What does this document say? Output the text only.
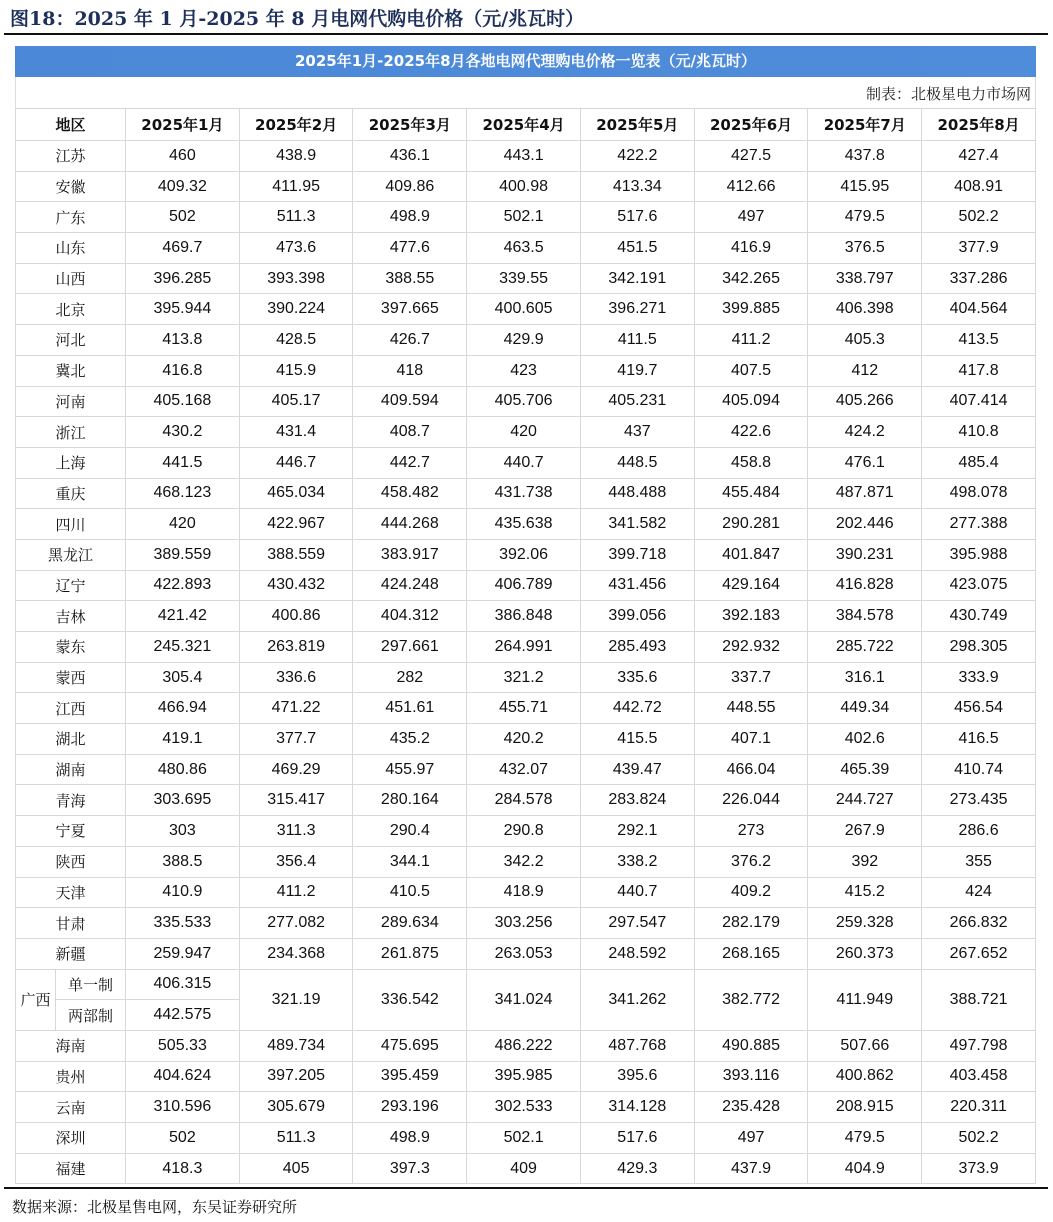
图18：2025 年 1 月-2025 年 8 月电网代购电价格（元/兆瓦时）
2025年1月-2025年8月各地电网代理购电价格一览表（元/兆瓦时）
制表：北极星电力市场网
地区		2025年1月	2025年2月	2025年3月	2025年4月	2025年5月	2025年6月	2025年7月	2025年8月
江苏		460	438.9	436.1	443.1	422.2	427.5	437.8	427.4
安徽		409.32	411.95	409.86	400.98	413.34	412.66	415.95	408.91
广东		502	511.3	498.9	502.1	517.6	497	479.5	502.2
山东		469.7	473.6	477.6	463.5	451.5	416.9	376.5	377.9
山西		396.285	393.398	388.55	339.55	342.191	342.265	338.797	337.286
北京		395.944	390.224	397.665	400.605	396.271	399.885	406.398	404.564
河北		413.8	428.5	426.7	429.9	411.5	411.2	405.3	413.5
冀北		416.8	415.9	418	423	419.7	407.5	412	417.8
河南		405.168	405.17	409.594	405.706	405.231	405.094	405.266	407.414
浙江		430.2	431.4	408.7	420	437	422.6	424.2	410.8
上海		441.5	446.7	442.7	440.7	448.5	458.8	476.1	485.4
重庆		468.123	465.034	458.482	431.738	448.488	455.484	487.871	498.078
四川		420	422.967	444.268	435.638	341.582	290.281	202.446	277.388
黑龙江		389.559	388.559	383.917	392.06	399.718	401.847	390.231	395.988
辽宁		422.893	430.432	424.248	406.789	431.456	429.164	416.828	423.075
吉林		421.42	400.86	404.312	386.848	399.056	392.183	384.578	430.749
蒙东		245.321	263.819	297.661	264.991	285.493	292.932	285.722	298.305
蒙西		305.4	336.6	282	321.2	335.6	337.7	316.1	333.9
江西		466.94	471.22	451.61	455.71	442.72	448.55	449.34	456.54
湖北		419.1	377.7	435.2	420.2	415.5	407.1	402.6	416.5
湖南		480.86	469.29	455.97	432.07	439.47	466.04	465.39	410.74
青海		303.695	315.417	280.164	284.578	283.824	226.044	244.727	273.435
宁夏		303	311.3	290.4	290.8	292.1	273	267.9	286.6
陕西		388.5	356.4	344.1	342.2	338.2	376.2	392	355
天津		410.9	411.2	410.5	418.9	440.7	409.2	415.2	424
甘肃		335.533	277.082	289.634	303.256	297.547	282.179	259.328	266.832
新疆		259.947	234.368	261.875	263.053	248.592	268.165	260.373	267.652
广西	单一制	406.315	321.19	336.542	341.024	341.262	382.772	411.949	388.721
	两部制	442.575							
海南		505.33	489.734	475.695	486.222	487.768	490.885	507.66	497.798
贵州		404.624	397.205	395.459	395.985	395.6	393.116	400.862	403.458
云南		310.596	305.679	293.196	302.533	314.128	235.428	208.915	220.311
深圳		502	511.3	498.9	502.1	517.6	497	479.5	502.2
福建		418.3	405	397.3	409	429.3	437.9	404.9	373.9
数据来源：北极星售电网，东吴证券研究所
